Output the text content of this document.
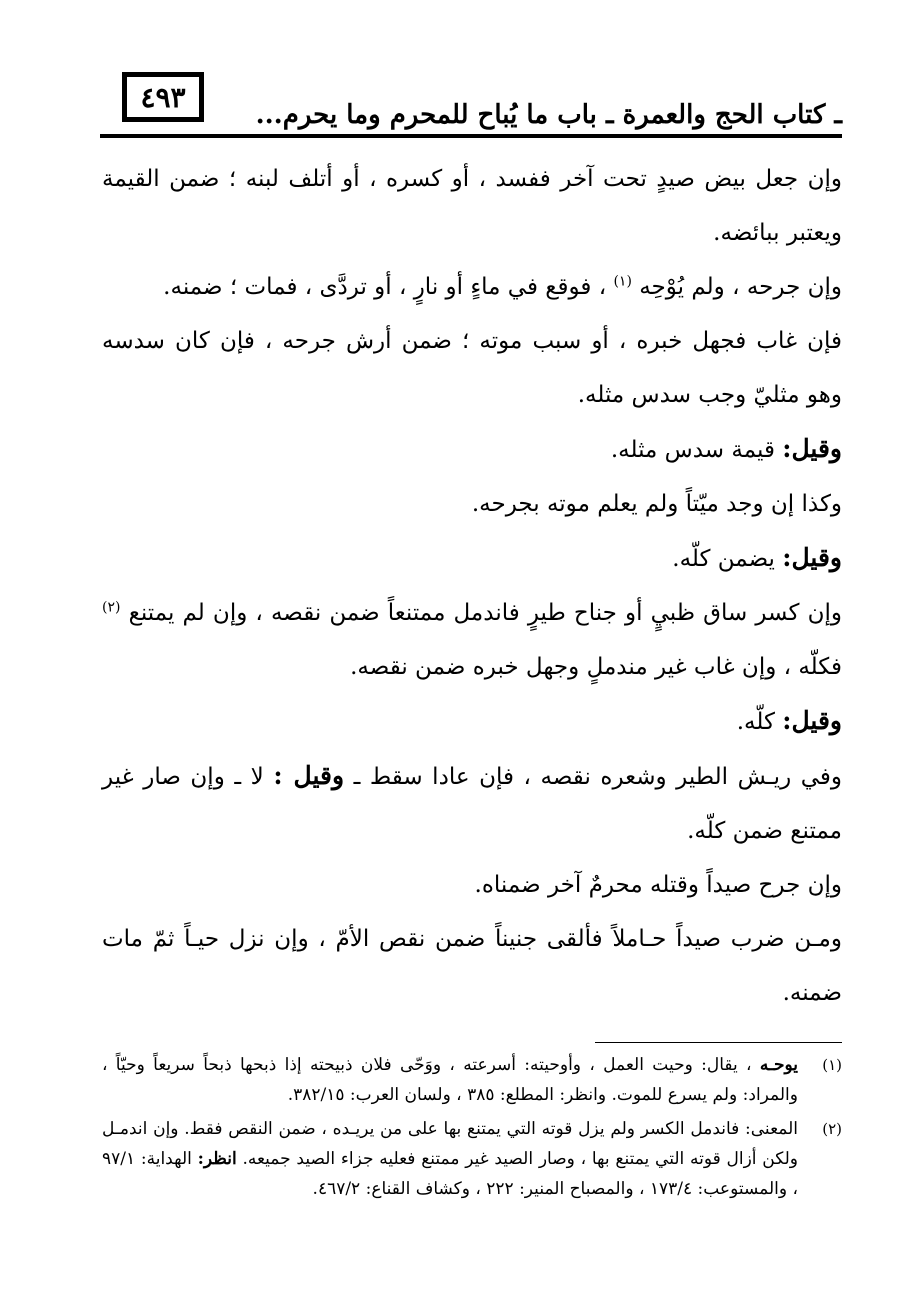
٤٩٣
ـ كتاب الحج والعمرة ـ باب ما يُباح للمحرم وما يحرم...

وإن جعل بيض صيدٍ تحت آخر ففسد ، أو كسره ، أو أتلف لبنه ؛ ضمن القيمة ويعتبر ببائضه.

وإن جرحه ، ولم يُوْحِه $^{(١)}$ ، فوقع في ماءٍ أو نارٍ ، أو تردَّى ، فمات ؛ ضمنه.

فإن غاب فجهل خبره ، أو سبب موته ؛ ضمن أرش جرحه ، فإن كان سدسه وهو مثليّ وجب سدس مثله.

وقيل: قيمة سدس مثله.

وكذا إن وجد ميّتاً ولم يعلم موته بجرحه.

وقيل: يضمن كلّه.

وإن كسر ساق ظبيٍ أو جناح طيرٍ فاندمل ممتنعاً ضمن نقصه ، وإن لم يمتنع $^{(٢)}$ فكلّه ، وإن غاب غير مندملٍ وجهل خبره ضمن نقصه.

وقيل: كلّه.

وفي ريـش الطير وشعره نقصه ، فإن عادا سقط ـ وقيل : لا ـ وإن صار غير ممتنع ضمن كلّه.

وإن جرح صيداً وقتله محرمٌ آخر ضمناه.

ومـن ضرب صيداً حـاملاً فألقى جنيناً ضمن نقص الأمّ ، وإن نزل حيـاً ثمّ مات ضمنه.

(١)
يوحـه ، يقال: وحيت العمل ، وأوحيته: أسرعته ، ووَحّى فلان ذبيحته إذا ذبحها ذبحاً سريعاً وحيّاً ، والمراد: ولم يسرع للموت. وانظر: المطلع: ٣٨٥ ، ولسان العرب: ٣٨٢/١٥.
(٢)
المعنى: فاندمل الكسر ولم يزل قوته التي يمتنع بها على من يريـده ، ضمن النقص فقط. وإن اندمـل ولكن أزال قوته التي يمتنع بها ، وصار الصيد غير ممتنع فعليه جزاء الصيد جميعه. انظر: الهداية: ٩٧/١ ، والمستوعب: ١٧٣/٤ ، والمصباح المنير: ٢٢٢ ، وكشاف القناع: ٤٦٧/٢.
